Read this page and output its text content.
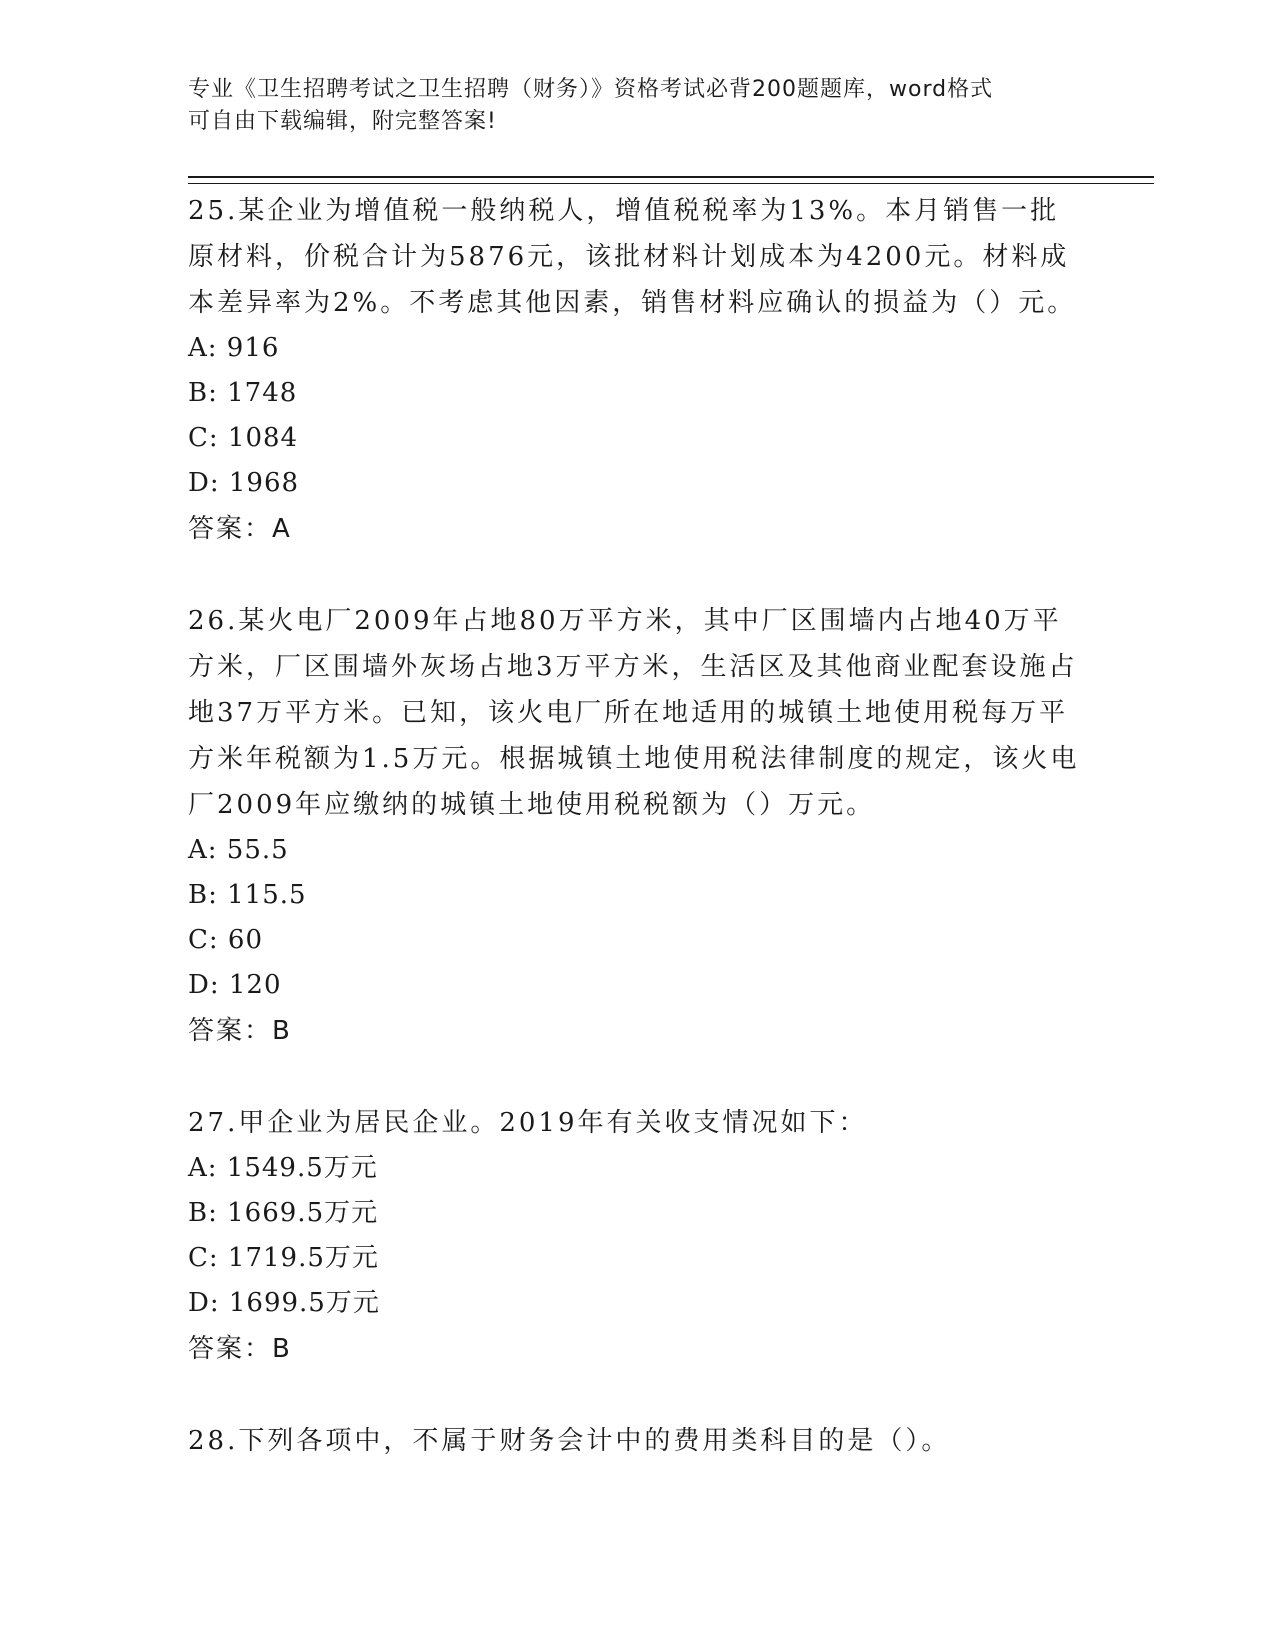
专业《卫生招聘考试之卫生招聘（财务）》资格考试必背200题题库，word格式
可自由下载编辑，附完整答案!

25.某企业为增值税一般纳税人，增值税税率为13%。本月销售一批原材料，价税合计为5876元，该批材料计划成本为4200元。材料成本差异率为2%。不考虑其他因素，销售材料应确认的损益为（）元。

A: 916

B: 1748

C: 1084

D: 1968

答案：A

26.某火电厂2009年占地80万平方米，其中厂区围墙内占地40万平方米，厂区围墙外灰场占地3万平方米，生活区及其他商业配套设施占地37万平方米。已知，该火电厂所在地适用的城镇土地使用税每万平方米年税额为1.5万元。根据城镇土地使用税法律制度的规定，该火电厂2009年应缴纳的城镇土地使用税税额为（）万元。

A: 55.5

B: 115.5

C: 60

D: 120

答案：B

27.甲企业为居民企业。2019年有关收支情况如下：

A: 1549.5万元

B: 1669.5万元

C: 1719.5万元

D: 1699.5万元

答案：B

28.下列各项中，不属于财务会计中的费用类科目的是（）。
